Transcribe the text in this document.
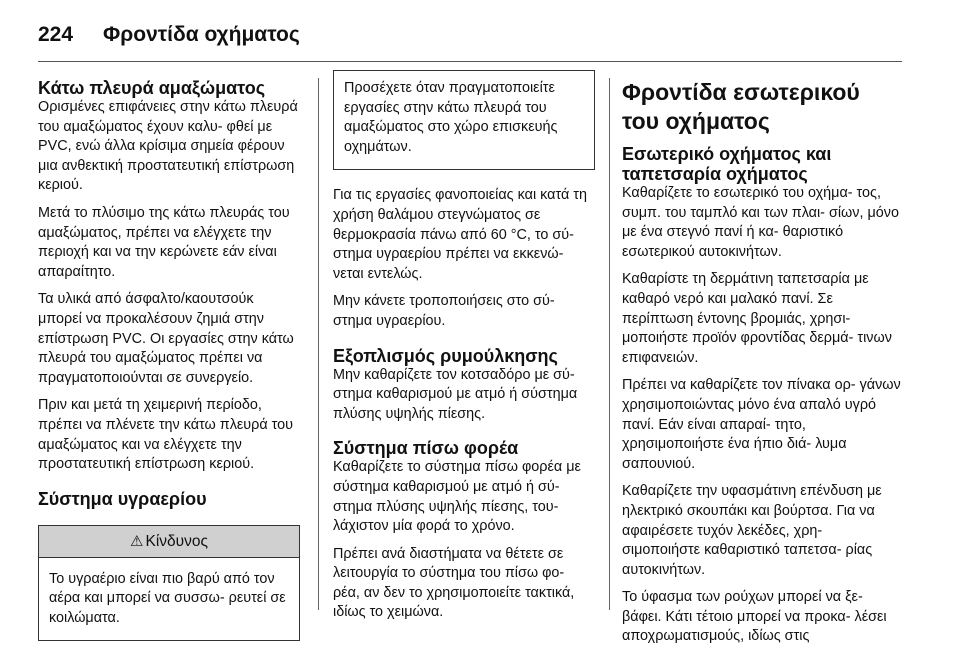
224 Φροντίδα οχήματος
Κάτω πλευρά αμαξώματος

Ορισμένες επιφάνειες στην κάτω πλευρά του αμαξώματος έχουν καλυ- φθεί με PVC, ενώ άλλα κρίσιμα σημεία φέρουν μια ανθεκτική προστατευτική επίστρωση κεριού.

Μετά το πλύσιμο της κάτω πλευράς του αμαξώματος, πρέπει να ελέγχετε την περιοχή και να την κερώνετε εάν είναι απαραίτητο.

Τα υλικά από άσφαλτο/καουτσούκ μπορεί να προκαλέσουν ζημιά στην επίστρωση PVC. Οι εργασίες στην κάτω πλευρά του αμαξώματος πρέπει να πραγματοποιούνται σε συνεργείο.

Πριν και μετά τη χειμερινή περίοδο, πρέπει να πλένετε την κάτω πλευρά του αμαξώματος και να ελέγχετε την προστατευτική επίστρωση κεριού.

Σύστημα υγραερίου
⚠ Κίνδυνος

Το υγραέριο είναι πιο βαρύ από τον αέρα και μπορεί να συσσω- ρευτεί σε κοιλώματα.

Προσέχετε όταν πραγματοποιείτε εργασίες στην κάτω πλευρά του αμαξώματος στο χώρο επισκευής οχημάτων.

Για τις εργασίες φανοποιείας και κατά τη χρήση θαλάμου στεγνώματος σε θερμοκρασία πάνω από 60 °C, το σύ- στημα υγραερίου πρέπει να εκκενώ- νεται εντελώς.

Μην κάνετε τροποποιήσεις στο σύ- στημα υγραερίου.

Εξοπλισμός ρυμούλκησης

Μην καθαρίζετε τον κοτσαδόρο με σύ- στημα καθαρισμού με ατμό ή σύστημα πλύσης υψηλής πίεσης.

Σύστημα πίσω φορέα

Καθαρίζετε το σύστημα πίσω φορέα με σύστημα καθαρισμού με ατμό ή σύ- στημα πλύσης υψηλής πίεσης, του- λάχιστον μία φορά το χρόνο.

Πρέπει ανά διαστήματα να θέτετε σε λειτουργία το σύστημα του πίσω φο- ρέα, αν δεν το χρησιμοποιείτε τακτικά, ιδίως το χειμώνα.

Φροντίδα εσωτερικού του οχήματος
Εσωτερικό οχήματος και ταπετσαρία οχήματος

Καθαρίζετε το εσωτερικό του οχήμα- τος, συμπ. του ταμπλό και των πλαι- σίων, μόνο με ένα στεγνό πανί ή κα- θαριστικό εσωτερικού αυτοκινήτων.

Καθαρίστε τη δερμάτινη ταπετσαρία με καθαρό νερό και μαλακό πανί. Σε περίπτωση έντονης βρομιάς, χρησι- μοποιήστε προϊόν φροντίδας δερμά- τινων επιφανειών.

Πρέπει να καθαρίζετε τον πίνακα ορ- γάνων χρησιμοποιώντας μόνο ένα απαλό υγρό πανί. Εάν είναι απαραί- τητο, χρησιμοποιήστε ένα ήπιο διά- λυμα σαπουνιού.

Καθαρίζετε την υφασμάτινη επένδυση με ηλεκτρικό σκουπάκι και βούρτσα. Για να αφαιρέσετε τυχόν λεκέδες, χρη- σιμοποιήστε καθαριστικό ταπετσα- ρίας αυτοκινήτων.

Το ύφασμα των ρούχων μπορεί να ξε- βάφει. Κάτι τέτοιο μπορεί να προκα- λέσει αποχρωματισμούς, ιδίως στις
